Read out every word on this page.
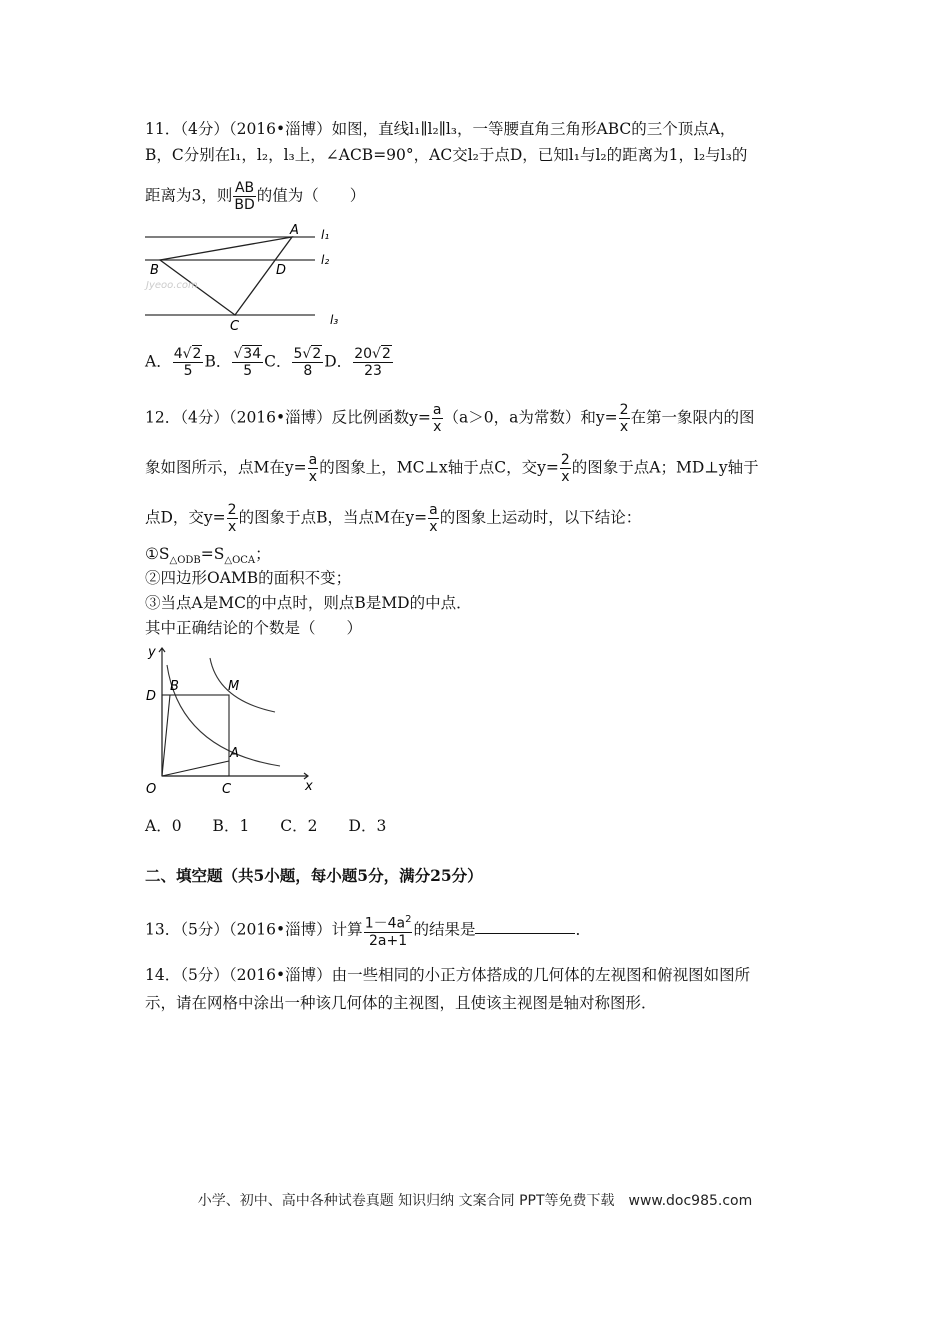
11．（4分）（2016•淄博）如图，直线l₁∥l₂∥l₃，一等腰直角三角形ABC的三个顶点A，
B，C分别在l₁，l₂，l₃上，∠ACB=90°，AC交l₂于点D，已知l₁与l₂的距离为1，l₂与l₃的
距离为3，则 $\frac{AB}{BD}$ 的值为（　　）
A
B	D
C
l₁
l₂
l₃
Jyeoo.com
A． $\frac{4√2}{5}$ B． $\frac{√34}{5}$ C． $\frac{5√2}{8}$ D． $\frac{20√2}{23}$
12．（4分）（2016•淄博）反比例函数$y= \frac{a}{x} (a>0$，a为常数）和$y= \frac{2}{x}$ 在第一象限内的图
象如图所示，点M在$y= \frac{a}{x}$ 的图象上，MC⊥x轴于点C，交$y= \frac{2}{x}$ 的图象于点A；MD⊥y轴于
点D，交$y= \frac{2}{x}$ 的图象于点B，当点M在$y= \frac{a}{x}$ 的图象上运动时，以下结论：
$①S_{\triangle ODB}=S_{\triangle OCA}$；
②四边形OAMB的面积不变；
③当点A是MC的中点时，则点B是MD的中点．
其中正确结论的个数是（　　）
y
x
O
D
B	M
A
C
A．0　　B．1　　C．2　　D．3
二、填空题（共5小题，每小题5分，满分25分）
13．（5分）（2016•淄博）计算 $\frac{1-4a^2}{2a+1}$ 的结果是	．
14．（5分）（2016•淄博）由一些相同的小正方体搭成的几何体的左视图和俯视图如图所
示，请在网格中涂出一种该几何体的主视图，且使该主视图是轴对称图形．
小学、初中、高中各种试卷真题 知识归纳 文案合同 PPT等免费下载　www.doc985.com
